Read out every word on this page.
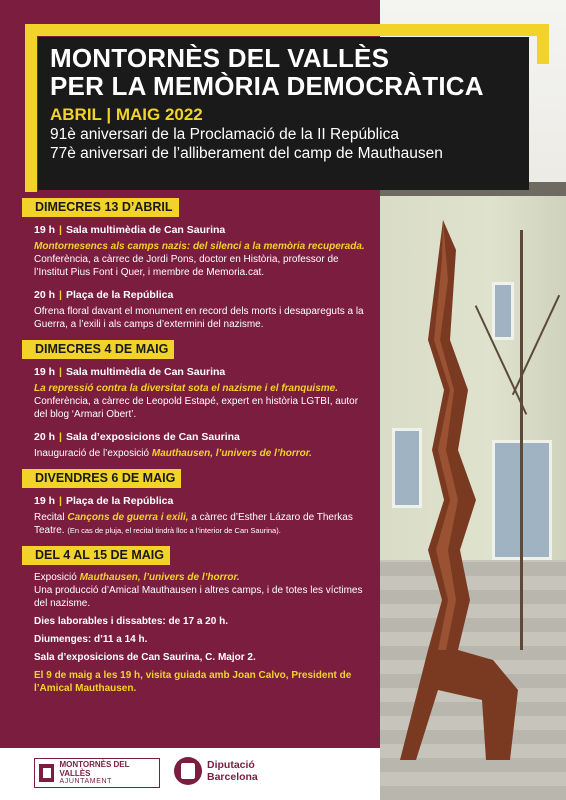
MONTORNÈS DEL VALLÈS
PER LA MEMÒRIA DEMOCRÀTICA
ABRIL | MAIG 2022
91è aniversari de la Proclamació de la II República
77è aniversari de l’alliberament del camp de Mauthausen
DIMECRES 13 D’ABRIL
19 h | Sala multimèdia de Can Saurina
Montornesencs als camps nazis: del silenci a la memòria recuperada. Conferència, a càrrec de Jordi Pons, doctor en Història, professor de l’Institut Pius Font i Quer, i membre de Memoria.cat.
20 h | Plaça de la República
Ofrena floral davant el monument en record dels morts i desapareguts a la Guerra, a l’exili i als camps d’extermini del nazisme.
DIMECRES 4 DE MAIG
19 h | Sala multimèdia de Can Saurina
La repressió contra la diversitat sota el nazisme i el franquisme. Conferència, a càrrec de Leopold Estapé, expert en història LGTBI, autor del blog ‘Armari Obert’.
20 h | Sala d’exposicions de Can Saurina
Inauguració de l’exposició Mauthausen, l’univers de l’horror.
DIVENDRES 6 DE MAIG
19 h | Plaça de la República
Recital Cançons de guerra i exili, a càrrec d’Esther Lázaro de Therkas Teatre. (En cas de pluja, el recital tindrà lloc a l’interior de Can Saurina).
DEL 4 AL 15 DE MAIG
Exposició Mauthausen, l’univers de l’horror.
Una producció d’Amical Mauthausen i altres camps, i de totes les víctimes del nazisme.
Dies laborables i dissabtes: de 17 a 20 h.
Diumenges: d’11 a 14 h.
Sala d’exposicions de Can Saurina, C. Major 2.
El 9 de maig a les 19 h, visita guiada amb Joan Calvo, President de l’Amical Mauthausen.
MONTORNÈS DEL VALLÈS
AJUNTAMENT
Diputació
Barcelona
